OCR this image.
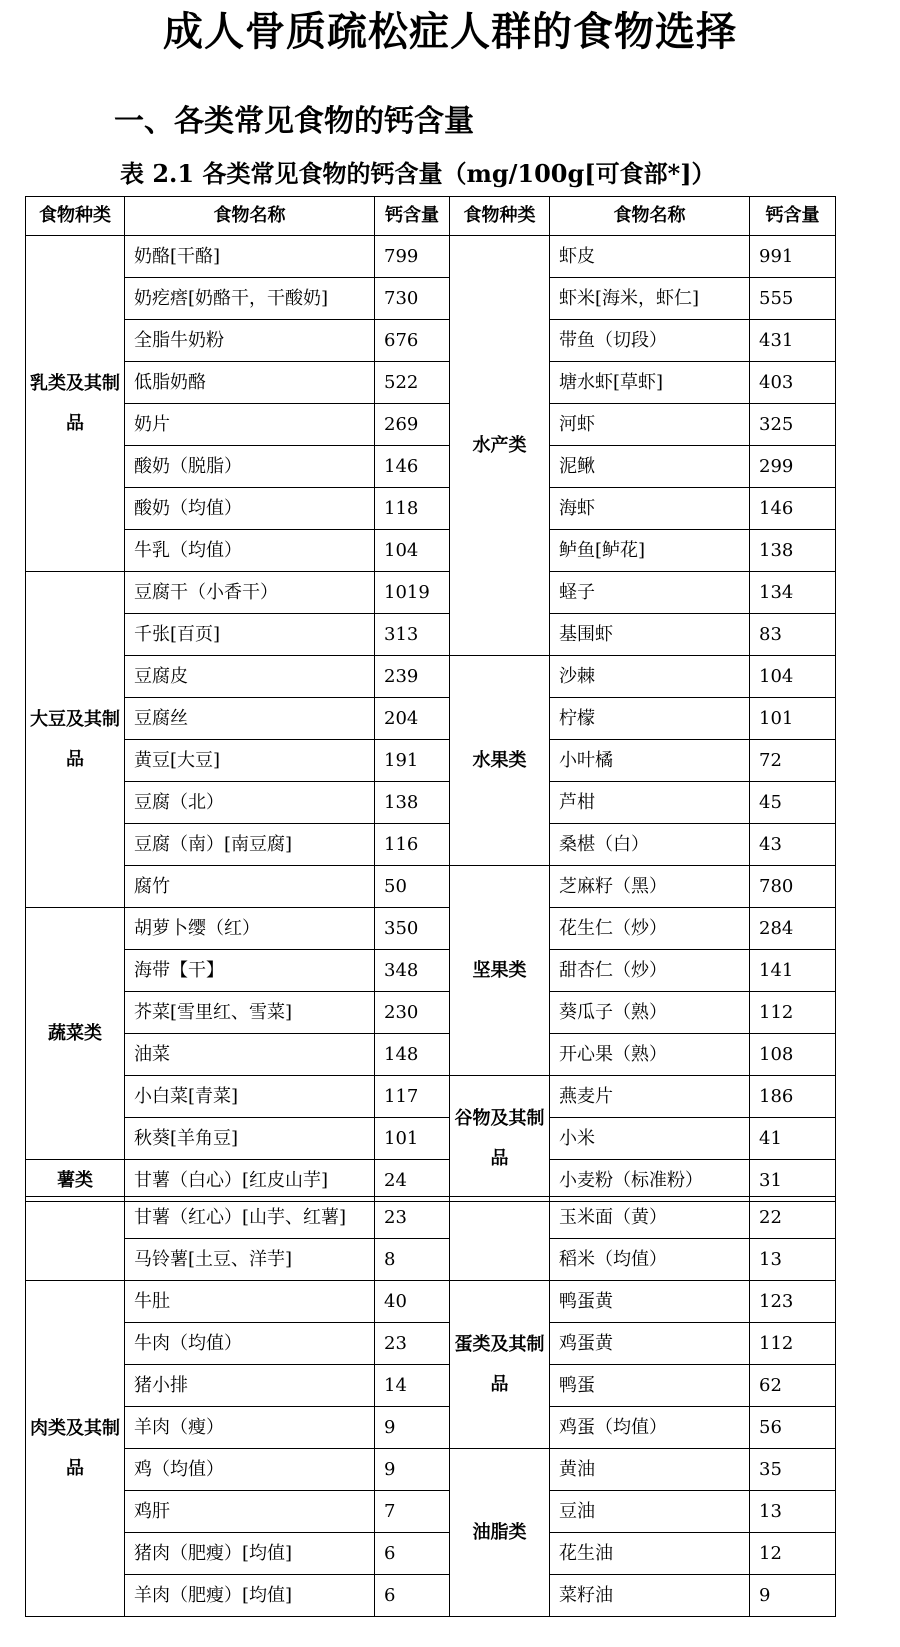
成人骨质疏松症人群的食物选择
一、各类常见食物的钙含量
表 2.1 各类常见食物的钙含量（mg/100g[可食部*]）
食物种类	食物名称	钙含量	食物种类	食物名称	钙含量
乳类及其制品	奶酪[干酪]	799	水产类	虾皮	991
	奶疙瘩[奶酪干，干酸奶]	730		虾米[海米，虾仁]	555
	全脂牛奶粉	676		带鱼（切段）	431
	低脂奶酪	522		塘水虾[草虾]	403
	奶片	269		河虾	325
	酸奶（脱脂）	146		泥鳅	299
	酸奶（均值）	118		海虾	146
	牛乳（均值）	104		鲈鱼[鲈花]	138
大豆及其制品	豆腐干（小香干）	1019		蛏子	134
	千张[百页]	313		基围虾	83
	豆腐皮	239	水果类	沙棘	104
	豆腐丝	204		柠檬	101
	黄豆[大豆]	191		小叶橘	72
	豆腐（北）	138		芦柑	45
	豆腐（南）[南豆腐]	116		桑椹（白）	43
	腐竹	50	坚果类	芝麻籽（黑）	780
蔬菜类	胡萝卜缨（红）	350		花生仁（炒）	284
	海带【干】	348		甜杏仁（炒）	141
	芥菜[雪里红、雪菜]	230		葵瓜子（熟）	112
	油菜	148		开心果（熟）	108
	小白菜[青菜]	117	谷物及其制品	燕麦片	186
	秋葵[羊角豆]	101		小米	41
薯类	甘薯（白心）[红皮山芋]	24		小麦粉（标准粉）	31
	甘薯（红心）[山芋、红薯]	23		玉米面（黄）	22
	马铃薯[土豆、洋芋]	8		稻米（均值）	13
肉类及其制品	牛肚	40	蛋类及其制品	鸭蛋黄	123
	牛肉（均值）	23		鸡蛋黄	112
	猪小排	14		鸭蛋	62
	羊肉（瘦）	9		鸡蛋（均值）	56
	鸡（均值）	9	油脂类	黄油	35
	鸡肝	7		豆油	13
	猪肉（肥瘦）[均值]	6		花生油	12
	羊肉（肥瘦）[均值]	6		菜籽油	9
